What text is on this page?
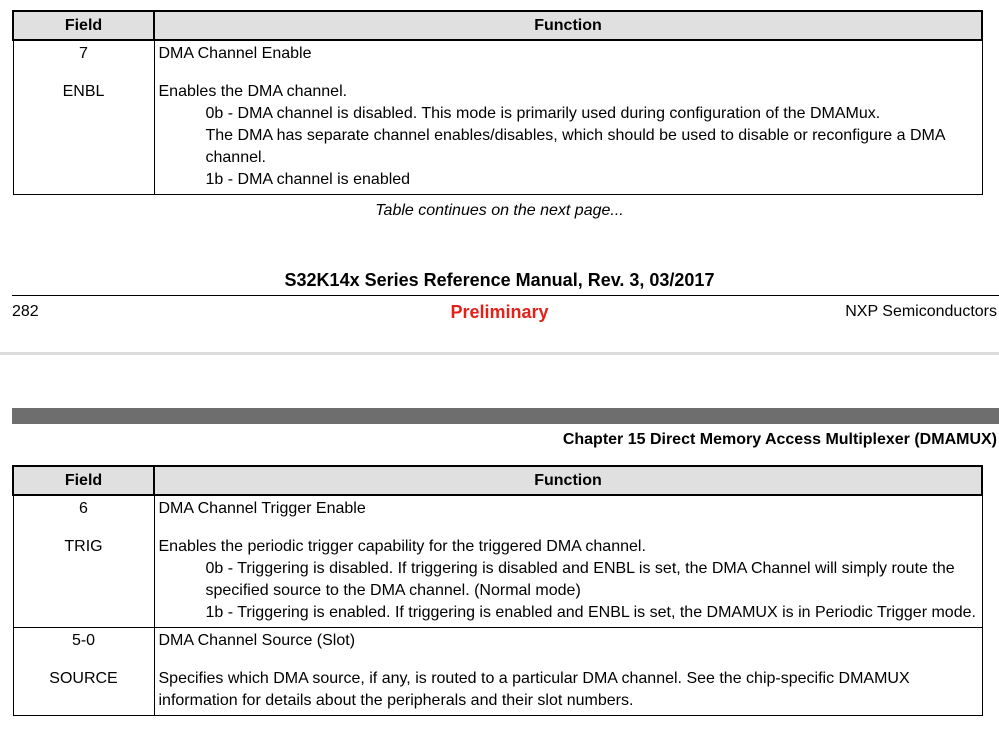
Field	Function
7	DMA Channel Enable

ENBL	Enables the DMA channel.
0b - DMA channel is disabled. This mode is primarily used during configuration of the DMAMux.
The DMA has separate channel enables/disables, which should be used to disable or reconfigure a DMA channel.
1b - DMA channel is enabled
Table continues on the next page...
S32K14x Series Reference Manual, Rev. 3, 03/2017
282	Preliminary	NXP Semiconductors
Chapter 15 Direct Memory Access Multiplexer (DMAMUX)
Field	Function
6	DMA Channel Trigger Enable

TRIG	Enables the periodic trigger capability for the triggered DMA channel.
0b - Triggering is disabled. If triggering is disabled and ENBL is set, the DMA Channel will simply route the specified source to the DMA channel. (Normal mode)
1b - Triggering is enabled. If triggering is enabled and ENBL is set, the DMAMUX is in Periodic Trigger mode.

5-0	DMA Channel Source (Slot)

SOURCE	Specifies which DMA source, if any, is routed to a particular DMA channel. See the chip-specific DMAMUX information for details about the peripherals and their slot numbers.
